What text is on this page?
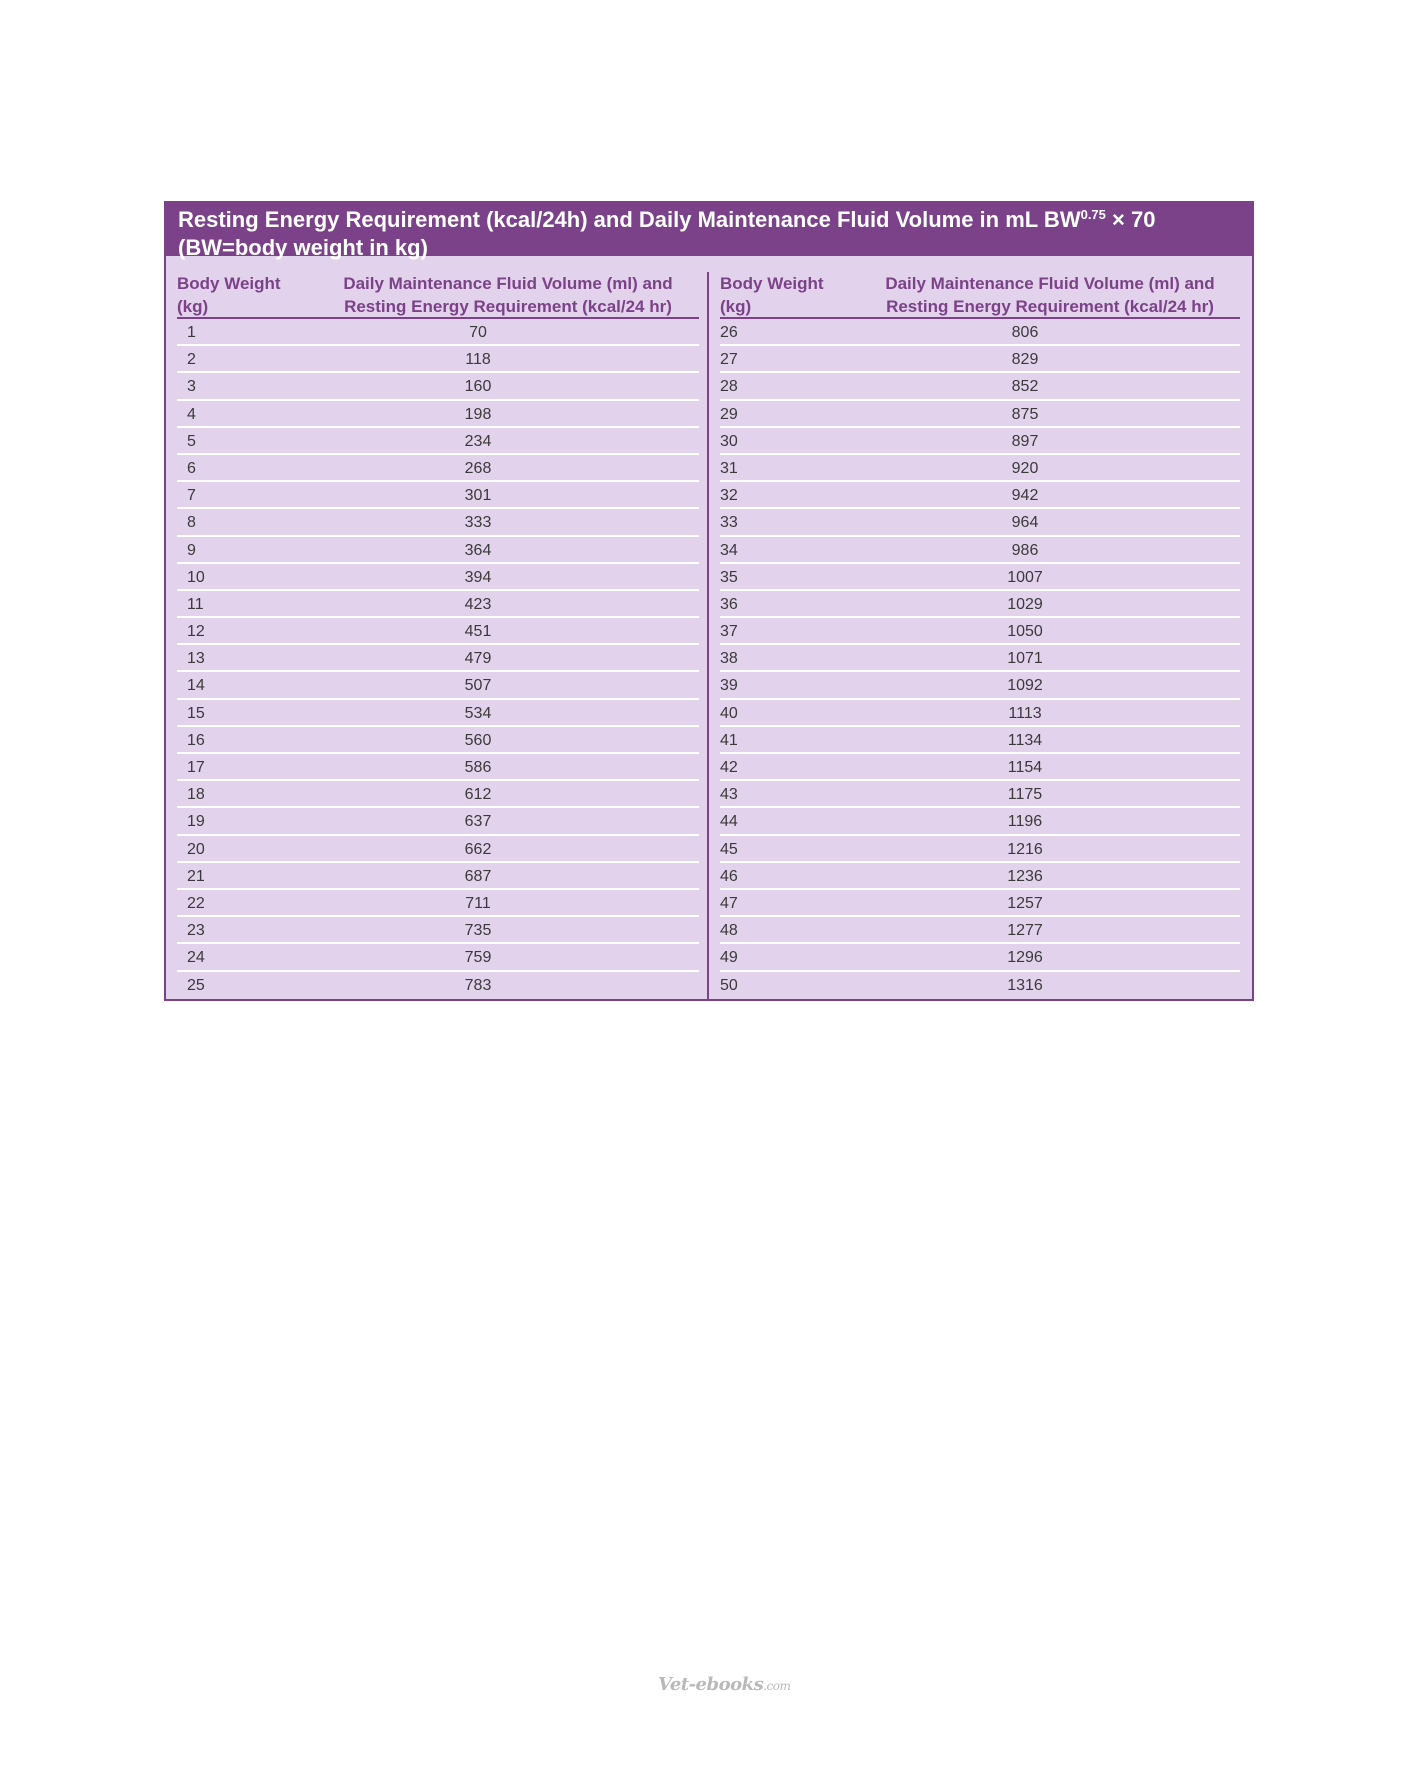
Resting Energy Requirement (kcal/24h) and Daily Maintenance Fluid Volume in mL $BW^{0.75} \times 70$
(BW=body weight in kg)
Body Weight
(kg)
Daily Maintenance Fluid Volume (ml) and
Resting Energy Requirement (kcal/24 hr)
1	70
2	118
3	160
4	198
5	234
6	268
7	301
8	333
9	364
10	394
11	423
12	451
13	479
14	507
15	534
16	560
17	586
18	612
19	637
20	662
21	687
22	711
23	735
24	759
25	783
Body Weight
(kg)
Daily Maintenance Fluid Volume (ml) and
Resting Energy Requirement (kcal/24 hr)
26	806
27	829
28	852
29	875
30	897
31	920
32	942
33	964
34	986
35	1007
36	1029
37	1050
38	1071
39	1092
40	1113
41	1134
42	1154
43	1175
44	1196
45	1216
46	1236
47	1257
48	1277
49	1296
50	1316
Vet-ebooks.com
